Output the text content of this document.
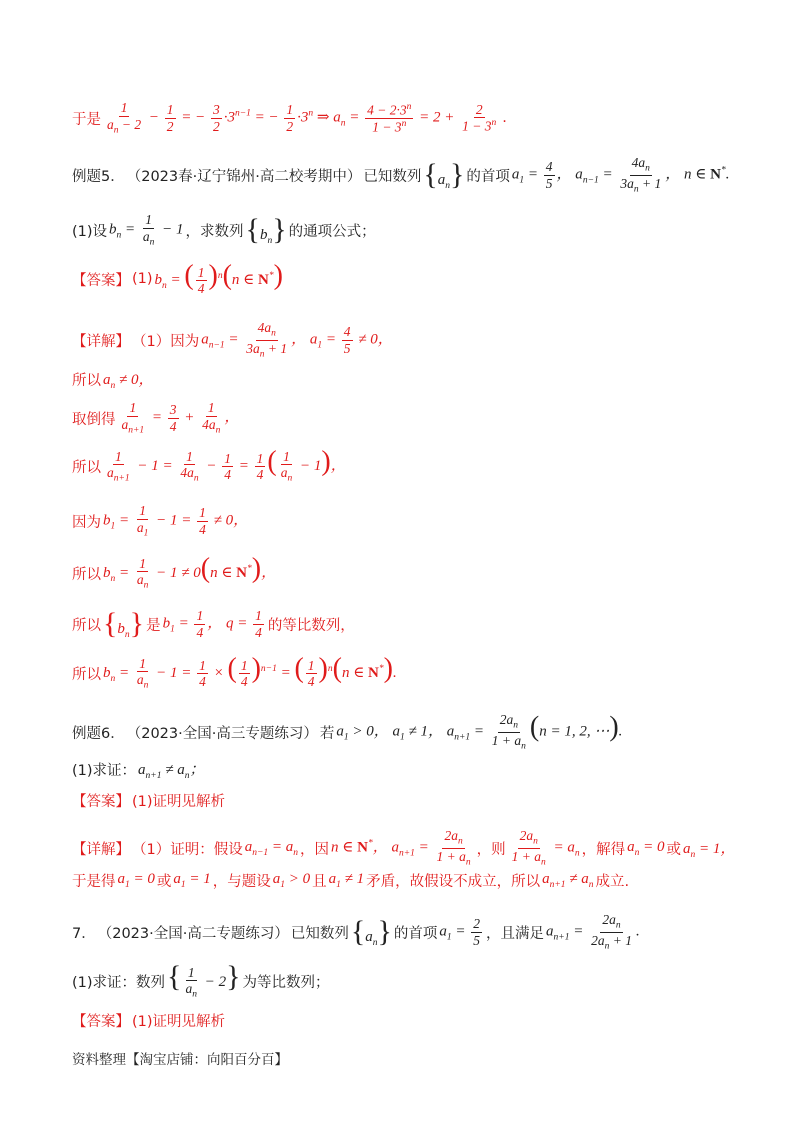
于是 $\frac{1}{a_n - 2} - \frac{1}{2}$ = − $\frac{3}{2} \cdot 3^{n-1}$ = − $\frac{1}{2} \cdot 3^n$ ⇒ $a_n = \frac{4 - 2\cdot 3^n}{1 - 3^n} = 2 + \frac{2}{1 - 3^n}$ .
例题5． （2023春·辽宁锦州·高二校考期中） 已知数列 $\{a_n\}$ 的首项 $a_1 = \frac{4}{5}$ ， $a_{n-1} = \frac{4a_n}{3a_n + 1}$ ， n ∈ N*.
(1)设 $b_n = \frac{1}{a_n} - 1$ ，求数列 $\{b_n\}$ 的通项公式；
【答案】 (1) $b_n$ = ( $\frac{1}{4} )^n(n$ ∈ N*)
【详解】 （1）因为 $a_{n-1} = \frac{4a_n}{3a_n + 1}$ ， $a_1 = \frac{4}{5} \ne 0$，
所以 $a_n \ne 0$，
取倒得 $\frac{1}{a_{n+1}} = \frac{3}{4} + \frac{1}{4a_n}$ ，
所以 $\frac{1}{a_{n+1}} - 1 = \frac{1}{4a_n} - \frac{1}{4} = \frac{1}{4}$ ( $\frac{1}{a_n} - 1$)，
因为 $b_1 = \frac{1}{a_1} - 1 = \frac{1}{4} \ne 0$，
所以 $b_n = \frac{1}{a_n} - 1 \ne 0(n$ ∈ N*)，
所以 $\{b_n\}$ 是 $b_1 = \frac{1}{4}$ ， $q = \frac{1}{4}$ 的等比数列，
所以 $b_n = \frac{1}{a_n} - 1 = \frac{1}{4}$ × ( $\frac{1}{4} )^{n-1}$ = ( $\frac{1}{4} )^n(n$ ∈ N*).
例题6． （2023·全国·高三专题练习） 若 $a_1 > 0$， $a_1 \ne 1$， $a_{n+1} = \frac{2a_n}{1 + a_n} (n = 1$, 2, ⋯).
(1)求证： $a_{n+1} \ne a_n$；
【答案】 (1)证明见解析
【详解】 （1）证明：假设 $a_{n-1} = a_n$ ，因 n ∈ N*， $a_{n+1} = \frac{2a_n}{1 + a_n}$ ，则 $\frac{2a_n}{1 + a_n} = a_n$ ，解得 $a_n = 0$ 或 $a_n = 1$，
于是得 $a_1 = 0$ 或 $a_1 = 1$ ，与题设 $a_1 > 0$ 且 $a_1 \ne 1$ 矛盾，故假设不成立，所以 $a_{n+1} \ne a_n$ 成立.
7． （2023·全国·高二专题练习） 已知数列 $\{a_n\}$ 的首项 $a_1 = \frac{2}{5}$ ，且满足 $a_{n+1} = \frac{2a_n}{2a_n + 1}$ .
(1)求证：数列 { $\frac{1}{a_n} - 2$} 为等比数列；
【答案】 (1)证明见解析
资料整理【淘宝店铺：向阳百分百】
